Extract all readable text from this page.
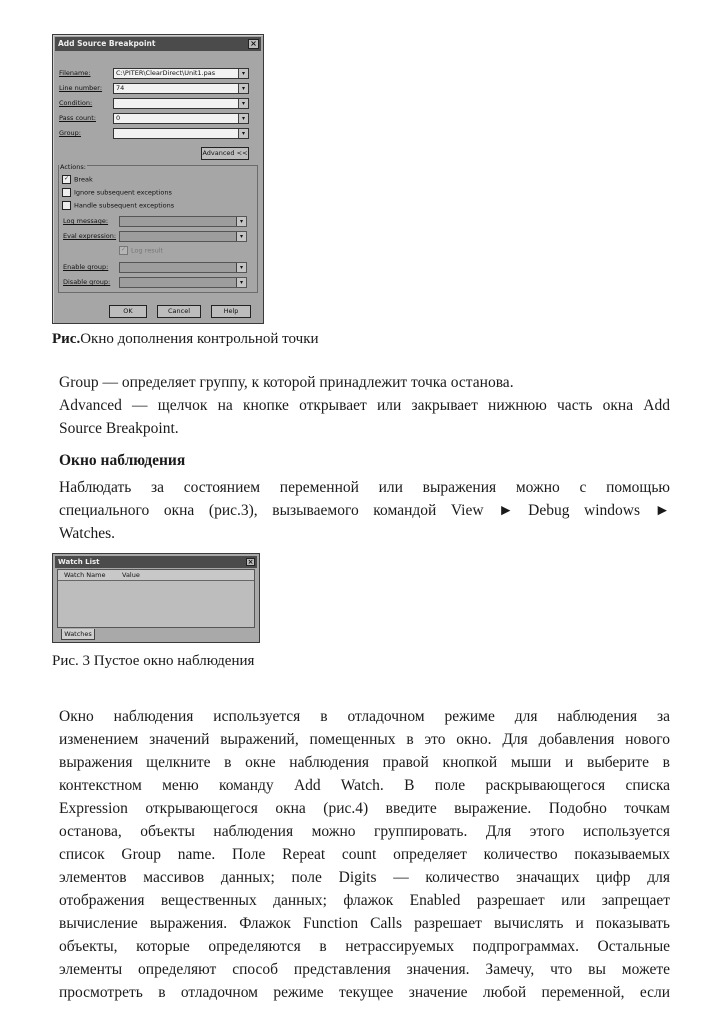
Add Source Breakpoint	×
Filename:	C:\PITER\ClearDirect\Unit1.pas	▾
Line number:	74	▾
Condition:	▾
Pass count:	0	▾
Group:	▾
Advanced <<
Actions:
✓ Break
Ignore subsequent exceptions
Handle subsequent exceptions
Log message:	▾
Eval expression:	▾
✓ Log result
Enable group:	▾
Disable group:	▾
OK	Cancel	Help
Рис.Окно дополнения контрольной точки
Group — определяет группу, к которой принадлежит точка останова.
Advanced — щелчок на кнопке открывает или закрывает нижнюю часть окна Add
Source Breakpoint.
Окно наблюдения
Наблюдать за состоянием переменной или выражения можно с помощью
специального окна (рис.3), вызываемого командой View ► Debug windows ►
Watches.
Watch List	×
Watch Name	Value
Watches
Рис. 3 Пустое окно наблюдения
Окно наблюдения используется в отладочном режиме для наблюдения за
изменением значений выражений, помещенных в это окно. Для добавления нового
выражения щелкните в окне наблюдения правой кнопкой мыши и выберите в
контекстном меню команду Add Watch. В поле раскрывающегося списка
Expression открывающегося окна (рис.4) введите выражение. Подобно точкам
останова, объекты наблюдения можно группировать. Для этого используется
список Group name. Поле Repeat count определяет количество показываемых
элементов массивов данных; поле Digits — количество значащих цифр для
отображения вещественных данных; флажок Enabled разрешает или запрещает
вычисление выражения. Флажок Function Calls разрешает вычислять и показывать
объекты, которые определяются в нетрассируемых подпрограммах. Остальные
элементы определяют способ представления значения. Замечу, что вы можете
просмотреть в отладочном режиме текущее значение любой переменной, если
